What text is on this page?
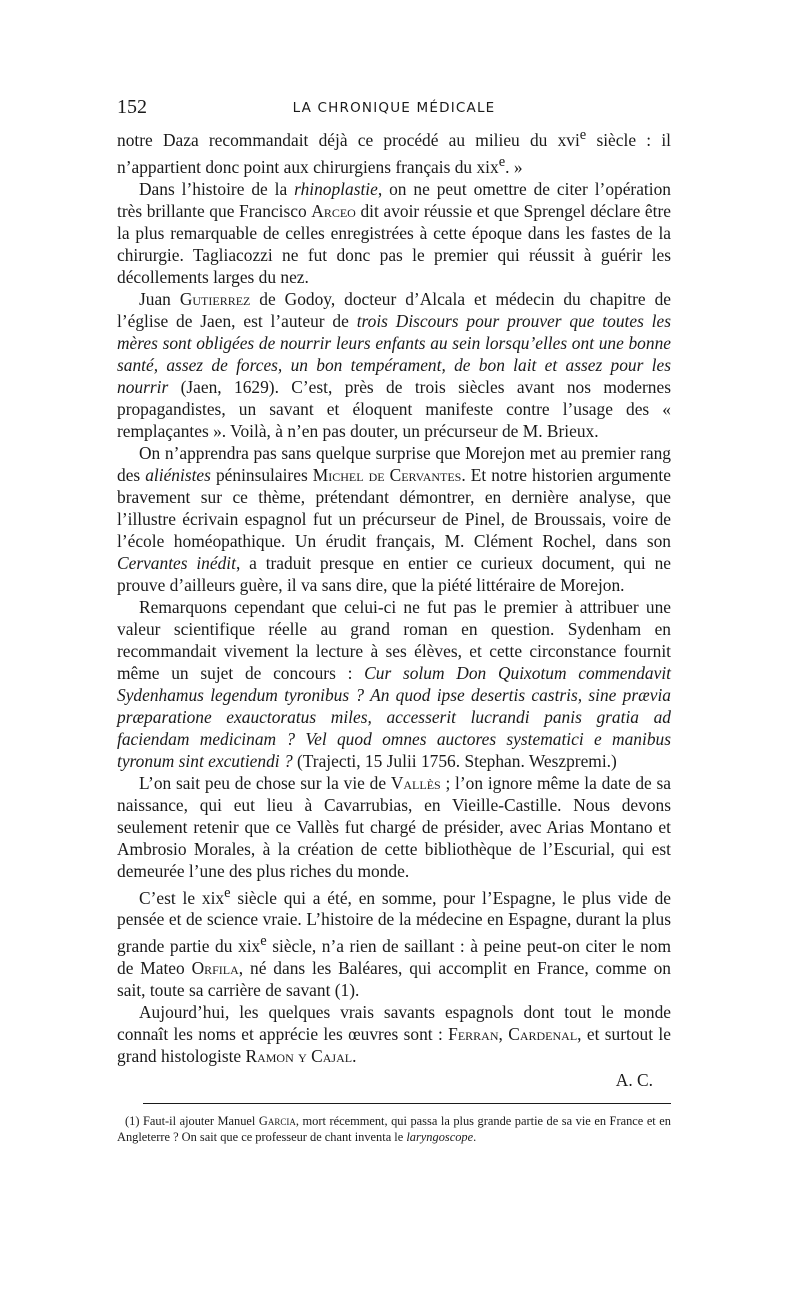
152	LA CHRONIQUE MÉDICALE

notre Daza recommandait déjà ce procédé au milieu du xvi$^e$ siècle : il n’appartient donc point aux chirurgiens français du xix$^e$. »

Dans l’histoire de la rhinoplastie, on ne peut omettre de citer l’opération très brillante que Francisco Arceo dit avoir réussie et que Sprengel déclare être la plus remarquable de celles enregistrées à cette époque dans les fastes de la chirurgie. Tagliacozzi ne fut donc pas le premier qui réussit à guérir les décollements larges du nez.

Juan Gutierrez de Godoy, docteur d’Alcala et médecin du chapitre de l’église de Jaen, est l’auteur de trois Discours pour prouver que toutes les mères sont obligées de nourrir leurs enfants au sein lorsqu’elles ont une bonne santé, assez de forces, un bon tempérament, de bon lait et assez pour les nourrir (Jaen, 1629). C’est, près de trois siècles avant nos modernes propagandistes, un savant et éloquent manifeste contre l’usage des « remplaçantes ». Voilà, à n’en pas douter, un précurseur de M. Brieux.

On n’apprendra pas sans quelque surprise que Morejon met au premier rang des aliénistes péninsulaires Michel de Cervantes. Et notre historien argumente bravement sur ce thème, prétendant démontrer, en dernière analyse, que l’illustre écrivain espagnol fut un précurseur de Pinel, de Broussais, voire de l’école homéopathique. Un érudit français, M. Clément Rochel, dans son Cervantes inédit, a traduit presque en entier ce curieux document, qui ne prouve d’ailleurs guère, il va sans dire, que la piété littéraire de Morejon.

Remarquons cependant que celui-ci ne fut pas le premier à attribuer une valeur scientifique réelle au grand roman en question. Sydenham en recommandait vivement la lecture à ses élèves, et cette circonstance fournit même un sujet de concours : Cur solum Don Quixotum commendavit Sydenhamus legendum tyronibus ? An quod ipse desertis castris, sine prævia præparatione exauctoratus miles, accesserit lucrandi panis gratia ad faciendam medicinam ? Vel quod omnes auctores systematici e manibus tyronum sint excutiendi ? (Trajecti, 15 Julii 1756. Stephan. Weszpremi.)

L’on sait peu de chose sur la vie de Vallès ; l’on ignore même la date de sa naissance, qui eut lieu à Cavarrubias, en Vieille-Castille. Nous devons seulement retenir que ce Vallès fut chargé de présider, avec Arias Montano et Ambrosio Morales, à la création de cette bibliothèque de l’Escurial, qui est demeurée l’une des plus riches du monde.

C’est le xix$^e$ siècle qui a été, en somme, pour l’Espagne, le plus vide de pensée et de science vraie. L’histoire de la médecine en Espagne, durant la plus grande partie du xix$^e$ siècle, n’a rien de saillant : à peine peut-on citer le nom de Mateo Orfila, né dans les Baléares, qui accomplit en France, comme on sait, toute sa carrière de savant (1).

Aujourd’hui, les quelques vrais savants espagnols dont tout le monde connaît les noms et apprécie les œuvres sont : Ferran, Cardenal, et surtout le grand histologiste Ramon y Cajal.

A. C.

(1) Faut-il ajouter Manuel Garcia, mort récemment, qui passa la plus grande partie de sa vie en France et en Angleterre ? On sait que ce professeur de chant inventa le laryngoscope.
